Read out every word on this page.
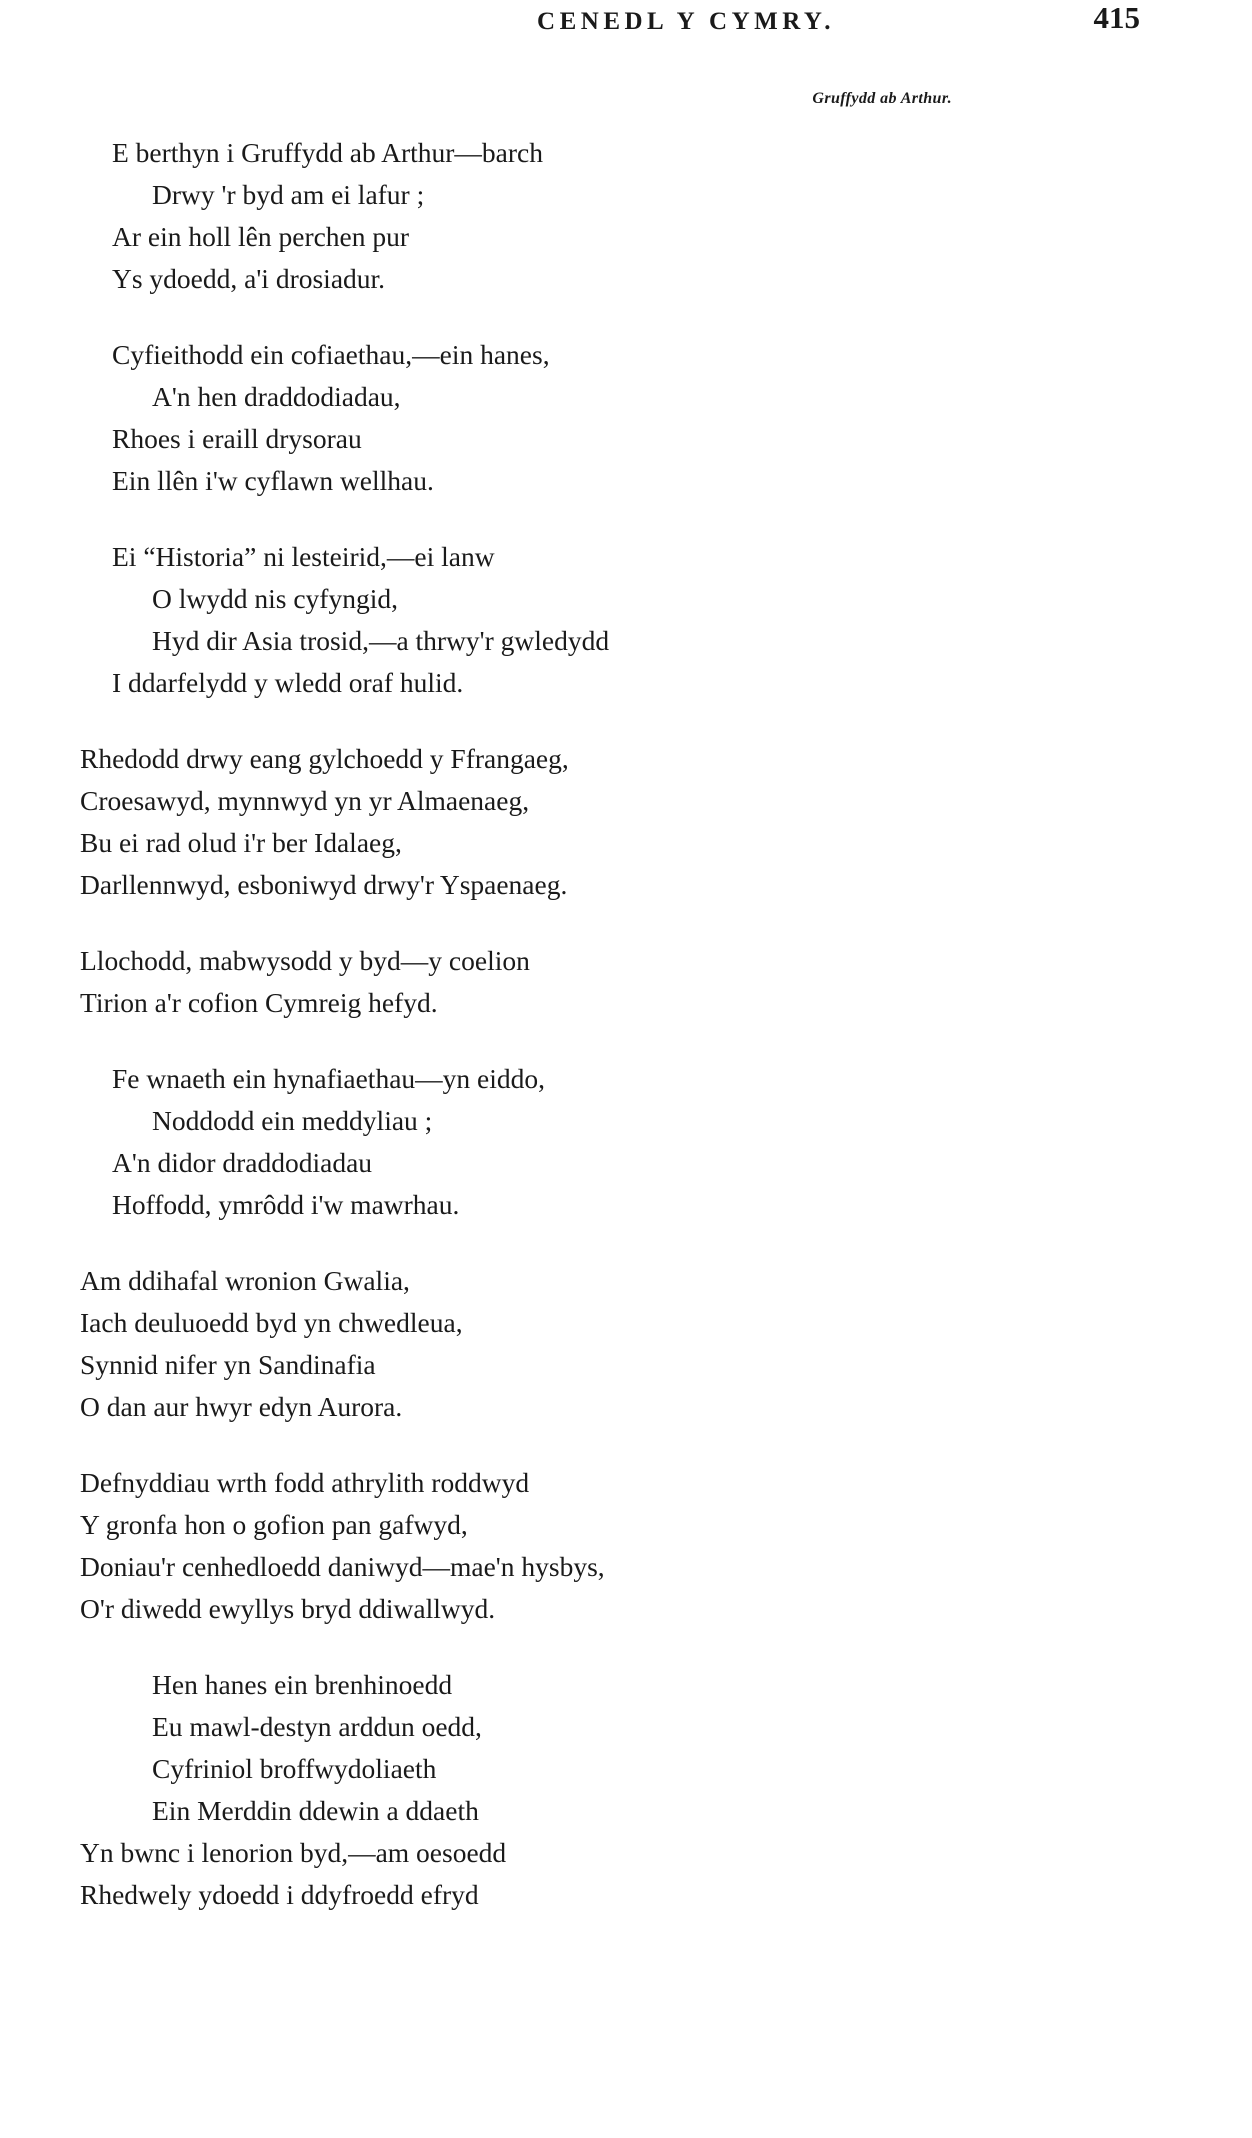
CENEDL Y CYMRY.	415
Gruffydd ab Arthur.
E berthyn i Gruffydd ab Arthur—barch
Drwy 'r byd am ei lafur ;
Ar ein holl lên perchen pur
Ys ydoedd, a'i drosiadur.
Cyfieithodd ein cofiaethau,—ein hanes,
A'n hen draddodiadau,
Rhoes i eraill drysorau
Ein llên i'w cyflawn wellhau.
Ei “Historia” ni lesteirid,—ei lanw
O lwydd nis cyfyngid,
Hyd dir Asia trosid,—a thrwy'r gwledydd
I ddarfelydd y wledd oraf hulid.
Rhedodd drwy eang gylchoedd y Ffrangaeg,
Croesawyd, mynnwyd yn yr Almaenaeg,
Bu ei rad olud i'r ber Idalaeg,
Darllennwyd, esboniwyd drwy'r Yspaenaeg.
Llochodd, mabwysodd y byd—y coelion
Tirion a'r cofion Cymreig hefyd.
Fe wnaeth ein hynafiaethau—yn eiddo,
Noddodd ein meddyliau ;
A'n didor draddodiadau
Hoffodd, ymrôdd i'w mawrhau.
Am ddihafal wronion Gwalia,
Iach deuluoedd byd yn chwedleua,
Synnid nifer yn Sandinafia
O dan aur hwyr edyn Aurora.
Defnyddiau wrth fodd athrylith roddwyd
Y gronfa hon o gofion pan gafwyd,
Doniau'r cenhedloedd daniwyd—mae'n hysbys,
O'r diwedd ewyllys bryd ddiwallwyd.
Hen hanes ein brenhinoedd
Eu mawl-destyn arddun oedd,
Cyfriniol broffwydoliaeth
Ein Merddin ddewin a ddaeth
Yn bwnc i lenorion byd,—am oesoedd
Rhedwely ydoedd i ddyfroedd efryd
